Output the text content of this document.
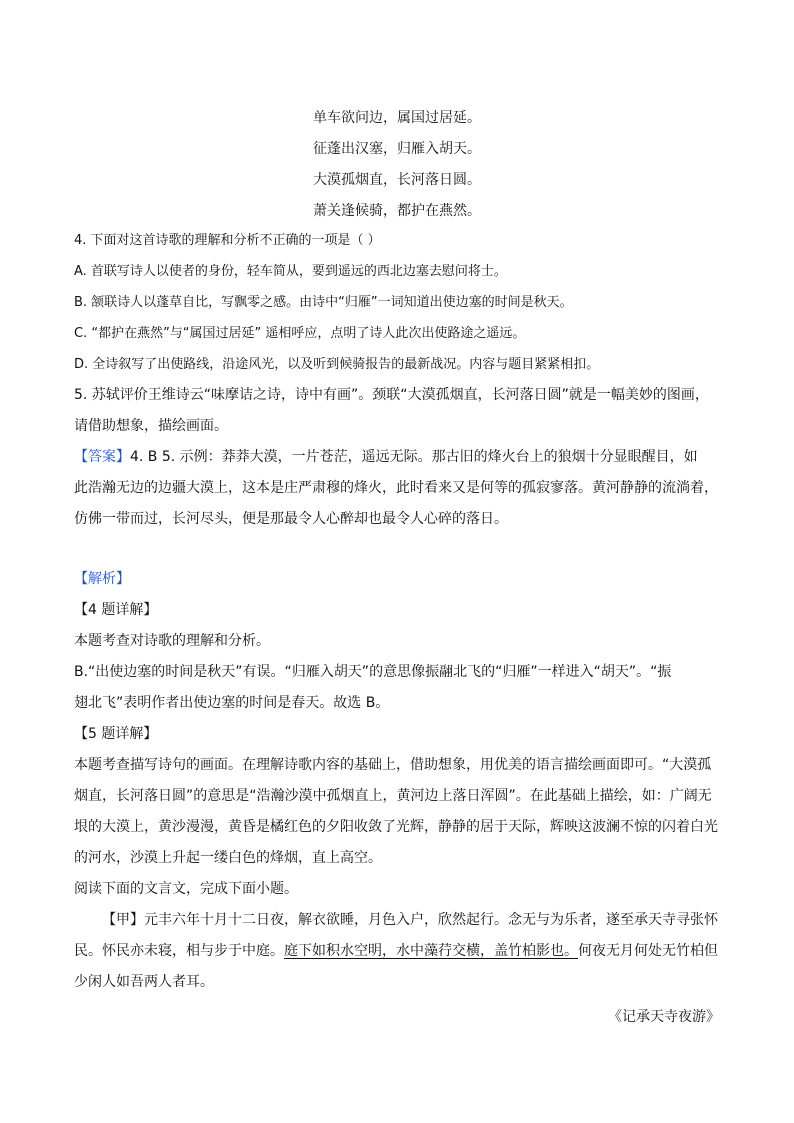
单车欲问边，属国过居延。
征蓬出汉塞，归雁入胡天。
大漠孤烟直，长河落日圆。
萧关逢候骑，都护在燕然。
4. 下面对这首诗歌的理解和分析不正确的一项是（ ）
A. 首联写诗人以使者的身份，轻车简从，要到遥远的西北边塞去慰问将士。
B. 颔联诗人以蓬草自比，写飘零之感。由诗中“归雁”一词知道出使边塞的时间是秋天。
C. “都护在燕然”与“属国过居延” 遥相呼应，点明了诗人此次出使路途之遥远。
D. 全诗叙写了出使路线，沿途风光，以及听到候骑报告的最新战况。内容与题目紧紧相扣。
5. 苏轼评价王维诗云“味摩诘之诗，诗中有画”。颈联“大漠孤烟直，长河落日圆”就是一幅美妙的图画，
请借助想象，描绘画面。
【答案】4. B 5. 示例：莽莽大漠，一片苍茫，遥远无际。那古旧的烽火台上的狼烟十分显眼醒目，如
此浩瀚无边的边疆大漠上，这本是庄严肃穆的烽火，此时看来又是何等的孤寂寥落。黄河静静的流淌着，
仿佛一带而过，长河尽头，便是那最令人心醉却也最令人心碎的落日。
【解析】
【4 题详解】
本题考查对诗歌的理解和分析。
B.“出使边塞的时间是秋天”有误。“归雁入胡天”的意思像振翮北飞的“归雁”一样进入“胡天”。“振
翅北飞”表明作者出使边塞的时间是春天。故选 B。
【5 题详解】
本题考查描写诗句的画面。在理解诗歌内容的基础上，借助想象，用优美的语言描绘画面即可。“大漠孤
烟直，长河落日圆”的意思是“浩瀚沙漠中孤烟直上，黄河边上落日浑圆”。在此基础上描绘，如：广阔无
垠的大漠上，黄沙漫漫，黄昏是橘红色的夕阳收敛了光辉，静静的居于天际，辉映这波澜不惊的闪着白光
的河水，沙漠上升起一缕白色的烽烟，直上高空。
阅读下面的文言文，完成下面小题。
【甲】元丰六年十月十二日夜，解衣欲睡，月色入户，欣然起行。念无与为乐者，遂至承天寺寻张怀
民。怀民亦未寝，相与步于中庭。庭下如积水空明，水中藻荇交横，盖竹柏影也。何夜无月何处无竹柏但
少闲人如吾两人者耳。
《记承天寺夜游》
